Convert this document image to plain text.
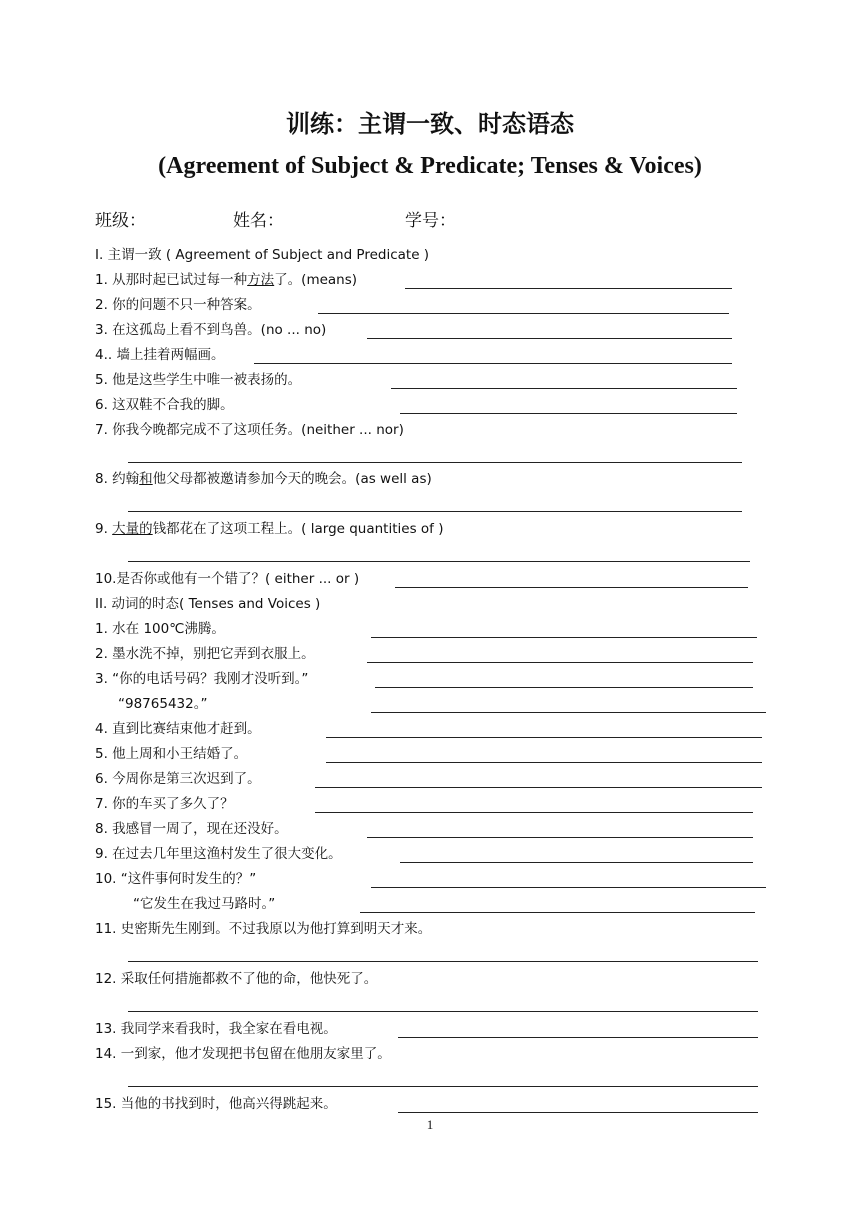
训练：主谓一致、时态语态
(Agreement of Subject & Predicate; Tenses & Voices)
班级：	姓名：	学号：
I. 主谓一致 ( Agreement of Subject and Predicate )
1. 从那时起已试过每一种方法了。(means)
2. 你的问题不只一种答案。
3. 在这孤岛上看不到鸟兽。(no ... no)
4.. 墙上挂着两幅画。
5. 他是这些学生中唯一被表扬的。
6. 这双鞋不合我的脚。
7. 你我今晚都完成不了这项任务。(neither ... nor)
8. 约翰和他父母都被邀请参加今天的晚会。(as well as)
9. 大量的钱都花在了这项工程上。( large quantities of )
10.是否你或他有一个错了？( either ... or )
II. 动词的时态( Tenses and Voices )
1. 水在 100℃沸腾。
2. 墨水洗不掉，别把它弄到衣服上。
3. “你的电话号码？我刚才没听到。”
“98765432。”
4. 直到比赛结束他才赶到。
5. 他上周和小王结婚了。
6. 今周你是第三次迟到了。
7. 你的车买了多久了？
8. 我感冒一周了，现在还没好。
9. 在过去几年里这渔村发生了很大变化。
10. “这件事何时发生的？”
“它发生在我过马路时。”
11. 史密斯先生刚到。不过我原以为他打算到明天才来。
12. 采取任何措施都救不了他的命，他快死了。
13. 我同学来看我时，我全家在看电视。
14. 一到家，他才发现把书包留在他朋友家里了。
15. 当他的书找到时，他高兴得跳起来。
1
